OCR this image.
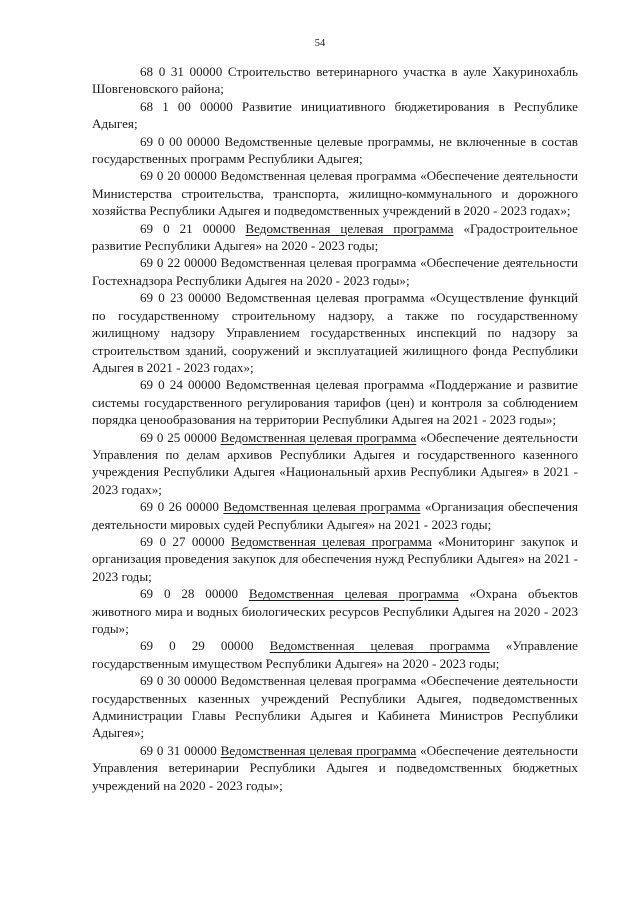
54

68 0 31 00000 Строительство ветеринарного участка в ауле Хакуринохабль Шовгеновского района;

68 1 00 00000 Развитие инициативного бюджетирования в Республике Адыгея;

69 0 00 00000 Ведомственные целевые программы, не включенные в состав государственных программ Республики Адыгея;

69 0 20 00000 Ведомственная целевая программа «Обеспечение деятельности Министерства строительства, транспорта, жилищно-коммунального и дорожного хозяйства Республики Адыгея и подведомственных учреждений в 2020 - 2023 годах»;

69 0 21 00000 Ведомственная целевая программа «Градостроительное развитие Республики Адыгея» на 2020 - 2023 годы;

69 0 22 00000 Ведомственная целевая программа «Обеспечение деятельности Гостехнадзора Республики Адыгея на 2020 - 2023 годы»;

69 0 23 00000 Ведомственная целевая программа «Осуществление функций по государственному строительному надзору, а также по государственному жилищному надзору Управлением государственных инспекций по надзору за строительством зданий, сооружений и эксплуатацией жилищного фонда Республики Адыгея в 2021 - 2023 годах»;

69 0 24 00000 Ведомственная целевая программа «Поддержание и развитие системы государственного регулирования тарифов (цен) и контроля за соблюдением порядка ценообразования на территории Республики Адыгея на 2021 - 2023 годы»;

69 0 25 00000 Ведомственная целевая программа «Обеспечение деятельности Управления по делам архивов Республики Адыгея и государственного казенного учреждения Республики Адыгея «Национальный архив Республики Адыгея» в 2021 - 2023 годах»;

69 0 26 00000 Ведомственная целевая программа «Организация обеспечения деятельности мировых судей Республики Адыгея» на 2021 - 2023 годы;

69 0 27 00000 Ведомственная целевая программа «Мониторинг закупок и организация проведения закупок для обеспечения нужд Республики Адыгея» на 2021 - 2023 годы;

69 0 28 00000 Ведомственная целевая программа «Охрана объектов животного мира и водных биологических ресурсов Республики Адыгея на 2020 - 2023 годы»;

69 0 29 00000 Ведомственная целевая программа «Управление государственным имуществом Республики Адыгея» на 2020 - 2023 годы;

69 0 30 00000 Ведомственная целевая программа «Обеспечение деятельности государственных казенных учреждений Республики Адыгея, подведомственных Администрации Главы Республики Адыгея и Кабинета Министров Республики Адыгея»;

69 0 31 00000 Ведомственная целевая программа «Обеспечение деятельности Управления ветеринарии Республики Адыгея и подведомственных бюджетных учреждений на 2020 - 2023 годы»;
